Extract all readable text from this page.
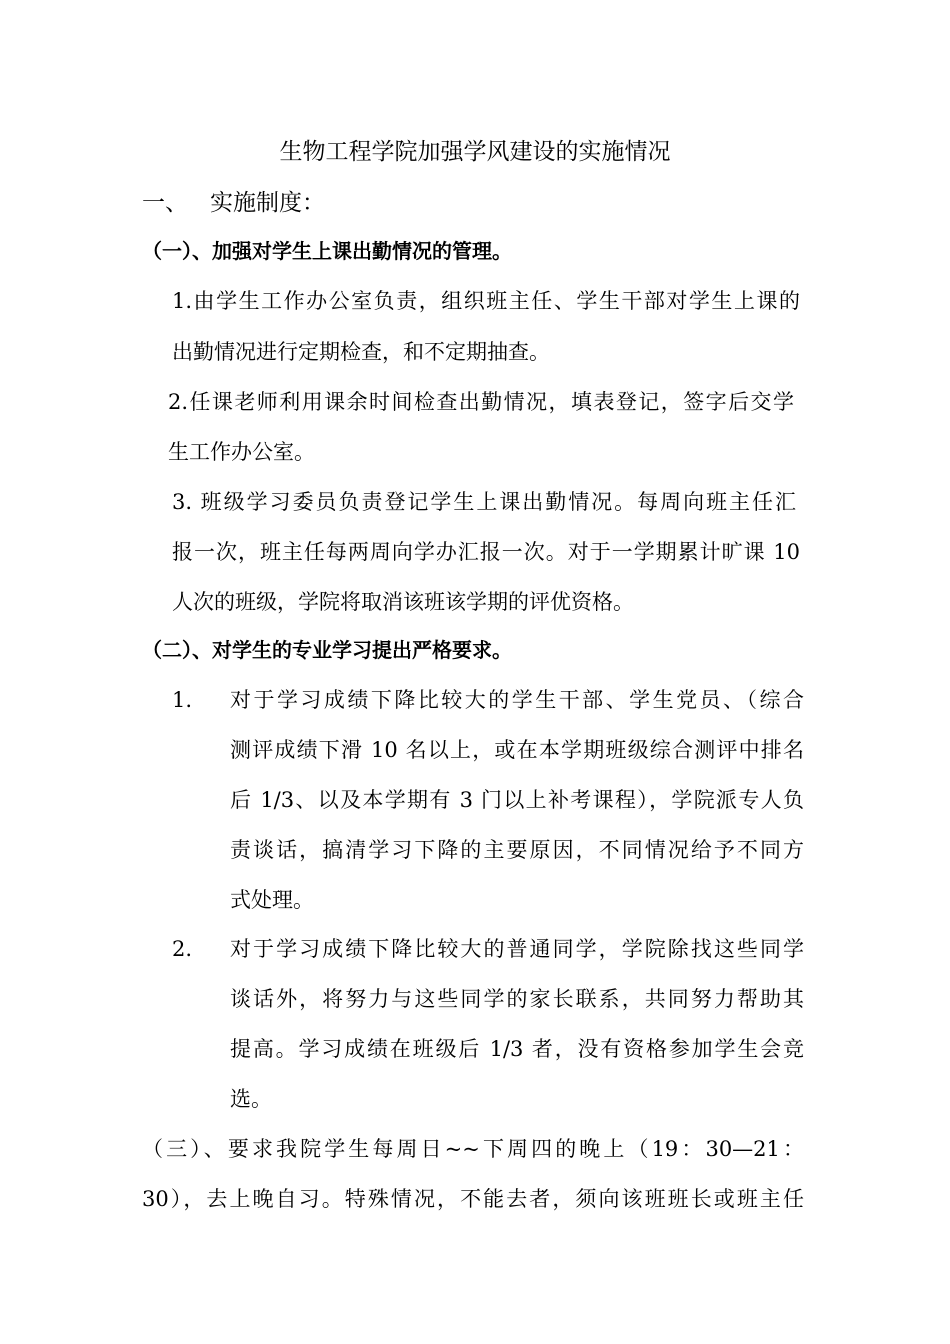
生物工程学院加强学风建设的实施情况
一、 实施制度：
（一）、加强对学生上课出勤情况的管理。
1.由学生工作办公室负责，组织班主任、学生干部对学生上课的
出勤情况进行定期检查，和不定期抽查。
2.任课老师利用课余时间检查出勤情况，填表登记，签字后交学
生工作办公室。
3. 班级学习委员负责登记学生上课出勤情况。每周向班主任汇
报一次，班主任每两周向学办汇报一次。对于一学期累计旷课 10
人次的班级，学院将取消该班该学期的评优资格。
（二）、对学生的专业学习提出严格要求。
1. 对于学习成绩下降比较大的学生干部、学生党员、（综合
测评成绩下滑 10 名以上，或在本学期班级综合测评中排名
后 1/3、以及本学期有 3 门以上补考课程），学院派专人负
责谈话，搞清学习下降的主要原因，不同情况给予不同方
式处理。
2. 对于学习成绩下降比较大的普通同学，学院除找这些同学
谈话外，将努力与这些同学的家长联系，共同努力帮助其
提高。学习成绩在班级后 1/3 者，没有资格参加学生会竞
选。
（三）、要求我院学生每周日~~下周四的晚上（19：30—21：
30），去上晚自习。特殊情况，不能去者，须向该班班长或班主任
